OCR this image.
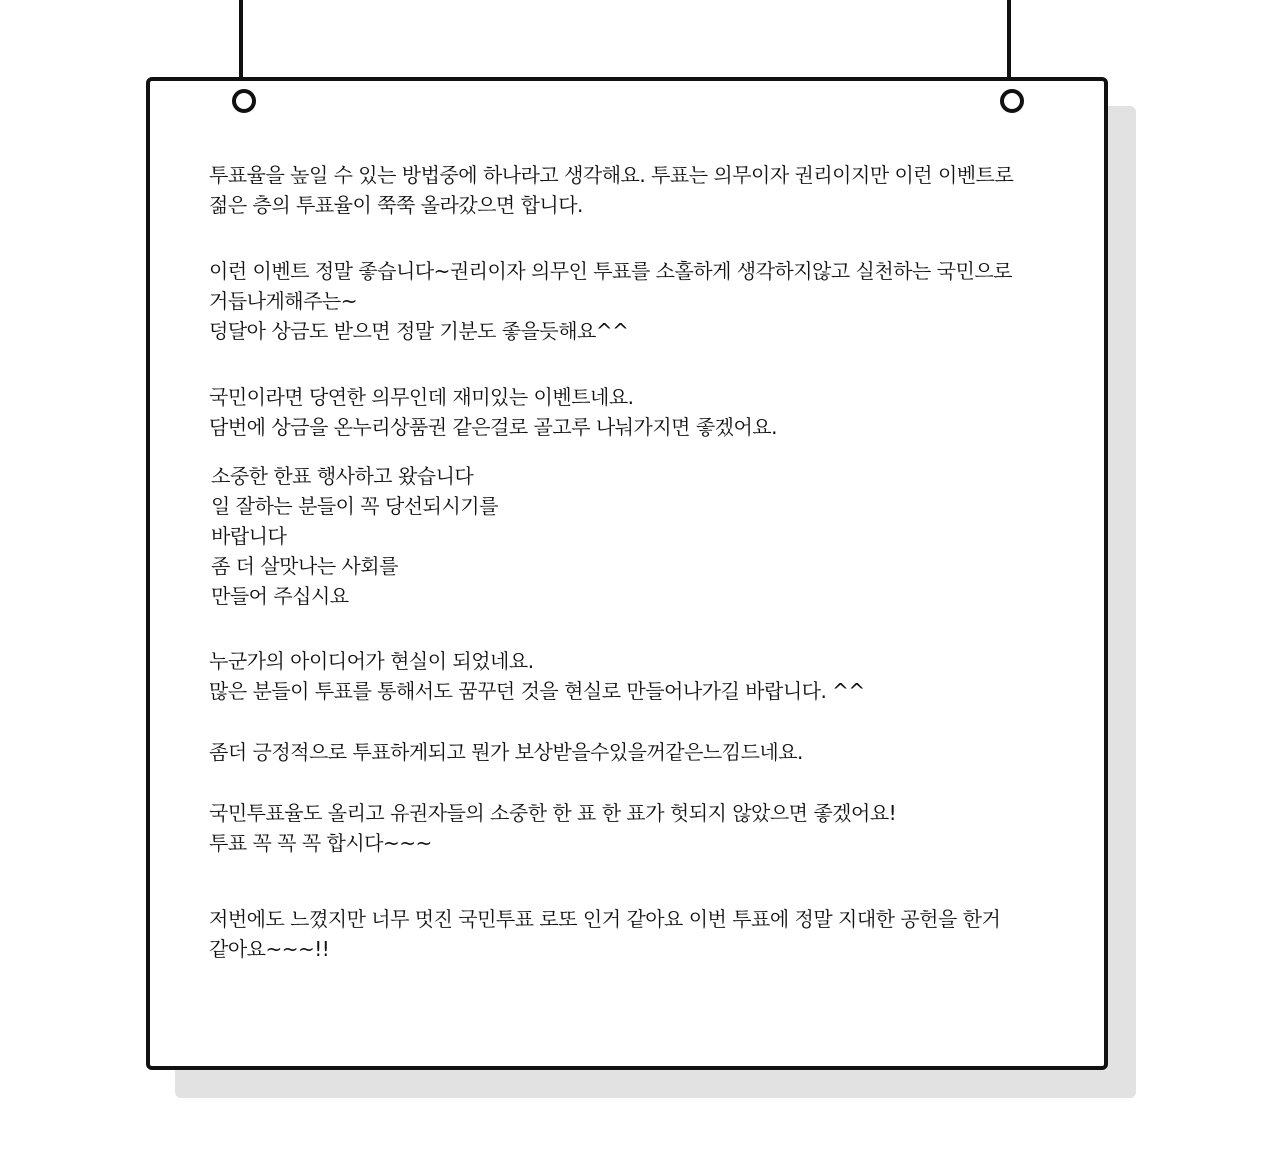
투표율을 높일 수 있는 방법중에 하나라고 생각해요. 투표는 의무이자 권리이지만 이런 이벤트로
젊은 층의 투표율이 쭉쭉 올라갔으면 합니다.

이런 이벤트 정말 좋습니다~권리이자 의무인 투표를 소홀하게 생각하지않고 실천하는 국민으로
거듭나게해주는~
덩달아 상금도 받으면 정말 기분도 좋을듯해요^^

국민이라면 당연한 의무인데 재미있는 이벤트네요.
담번에 상금을 온누리상품권 같은걸로 골고루 나눠가지면 좋겠어요.

소중한 한표 행사하고 왔습니다
일 잘하는 분들이 꼭 당선되시기를
바랍니다
좀 더 살맛나는 사회를
만들어 주십시요

누군가의 아이디어가 현실이 되었네요.
많은 분들이 투표를 통해서도 꿈꾸던 것을 현실로 만들어나가길 바랍니다. ^^

좀더 긍정적으로 투표하게되고 뭔가 보상받을수있을꺼같은느낌드네요.

국민투표율도 올리고 유권자들의 소중한 한 표 한 표가 헛되지 않았으면 좋겠어요!
투표 꼭 꼭 꼭 합시다~~~

저번에도 느꼈지만 너무 멋진 국민투표 로또 인거 같아요 이번 투표에 정말 지대한 공헌을 한거
같아요~~~!!
